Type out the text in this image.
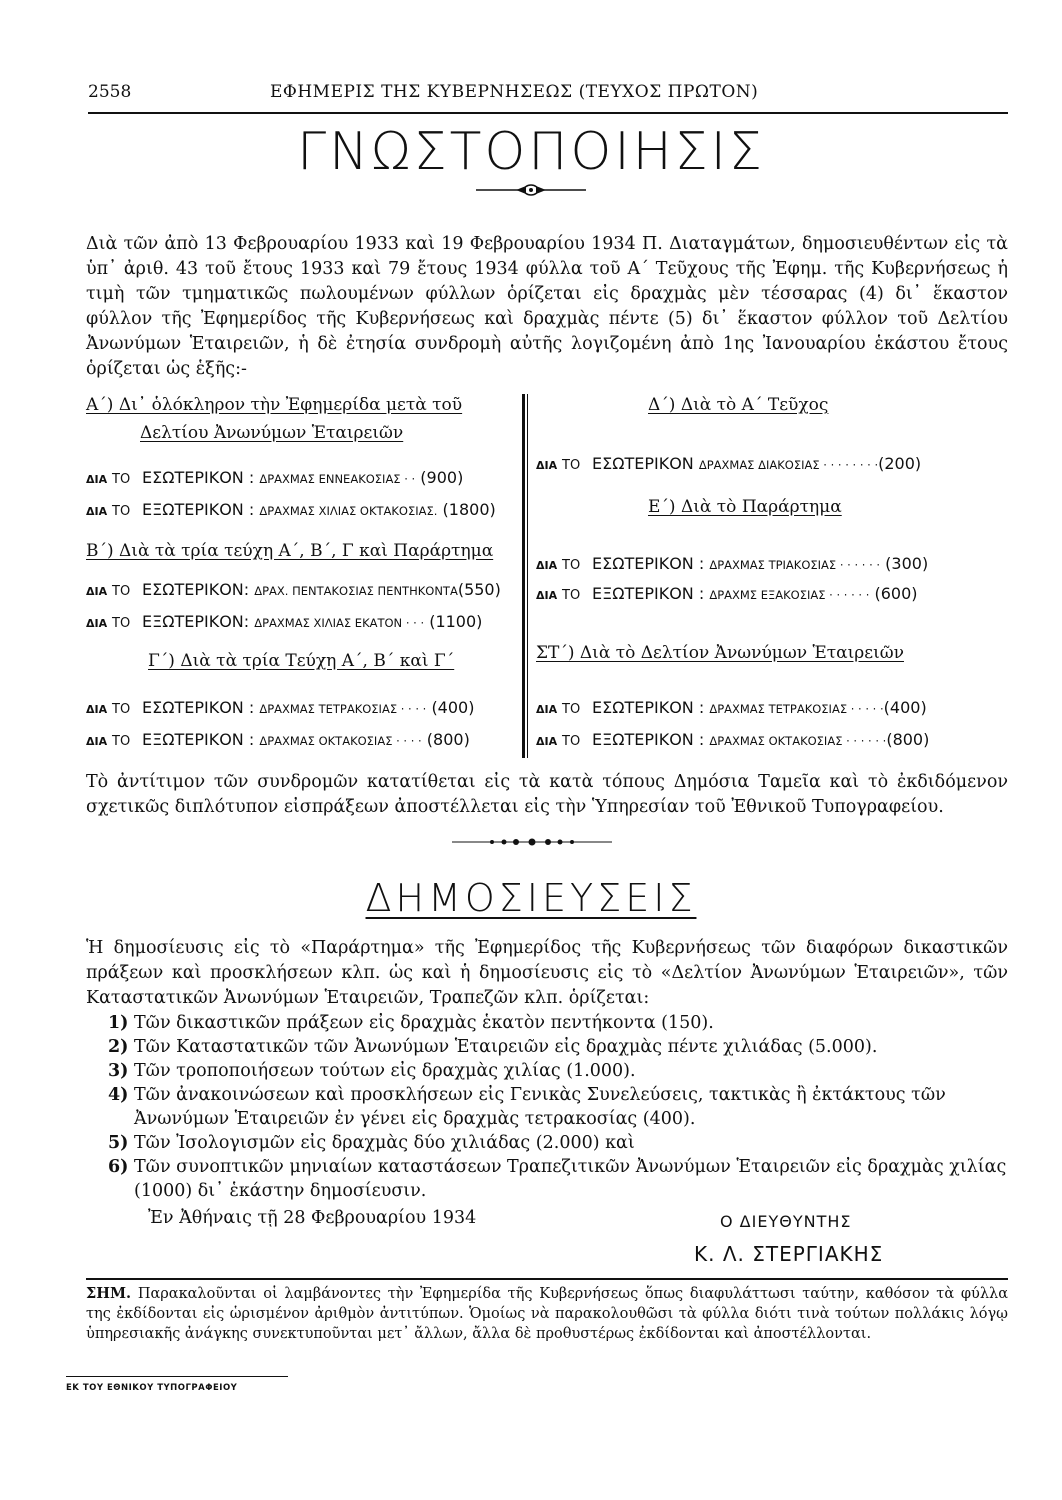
2558	ΕΦΗΜΕΡΙΣ ΤΗΣ ΚΥΒΕΡΝΗΣΕΩΣ (ΤΕΥΧΟΣ ΠΡΩΤΟΝ)
ΓΝΩΣΤΟΠΟΙΗΣΙΣ

Διὰ τῶν ἀπὸ 13 Φεβρουαρίου 1933 καὶ 19 Φεβρουαρίου 1934 Π. Διαταγμάτων, δημοσιευθέντων εἰς τὰ ὑπ᾽ ἀριθ. 43 τοῦ ἔτους 1933 καὶ 79 ἔτους 1934 φύλλα τοῦ Α΄ Τεῦχους τῆς Ἐφημ. τῆς Κυβερνήσεως ἡ τιμὴ τῶν τμηματικῶς πωλουμένων φύλλων ὁρίζεται εἰς δραχμὰς μὲν τέσσαρας (4) δι᾽ ἕκαστον φύλλον τῆς Ἐφημερίδος τῆς Κυβερνήσεως καὶ δραχμὰς πέντε (5) δι᾽ ἕκαστον φύλλον τοῦ Δελτίου Ἀνωνύμων Ἑταιρειῶν, ἡ δὲ ἐτησία συνδρομὴ αὐτῆς λογιζομένη ἀπὸ 1ης Ἰανουαρίου ἑκάστου ἔτους ὁρίζεται ὡς ἑξῆς:-

Α΄) Δι᾽ ὁλόκληρον τὴν Ἐφημερίδα μετὰ τοῦ
Δελτίου Ἀνωνύμων Ἑταιρειῶν
ΔΙΑ ΤΟ ΕΣΩΤΕΡΙΚΟΝ :
ΔΡΑΧΜΑΣ ΕΝΝΕΑΚΟΣΙΑΣ · ·
(900)
ΔΙΑ ΤΟ ΕΞΩΤΕΡΙΚΟΝ :
ΔΡΑΧΜΑΣ ΧΙΛΙΑΣ ΟΚΤΑΚΟΣΙΑΣ.
(1800)
Β΄) Διὰ τὰ τρία τεύχη Α΄, Β΄, Γ καὶ Παράρτημα
ΔΙΑ ΤΟ ΕΣΩΤΕΡΙΚΟΝ:
ΔΡΑΧ. ΠΕΝΤΑΚΟΣΙΑΣ ΠΕΝΤΗΚΟΝΤΑ (550)
ΔΙΑ ΤΟ ΕΞΩΤΕΡΙΚΟΝ:
ΔΡΑΧΜΑΣ ΧΙΛΙΑΣ ΕΚΑΤΟΝ · · ·
(1100)
Γ΄) Διὰ τὰ τρία Τεύχη Α΄, Β΄ καὶ Γ΄
ΔΙΑ ΤΟ ΕΣΩΤΕΡΙΚΟΝ :
ΔΡΑΧΜΑΣ ΤΕΤΡΑΚΟΣΙΑΣ · · · ·
(400)
ΔΙΑ ΤΟ ΕΞΩΤΕΡΙΚΟΝ :
ΔΡΑΧΜΑΣ ΟΚΤΑΚΟΣΙΑΣ · · · ·
(800)
Δ΄) Διὰ τὸ Α΄ Τεῦχος
ΔΙΑ ΤΟ ΕΣΩΤΕΡΙΚΟΝ
ΔΡΑΧΜΑΣ ΔΙΑΚΟΣΙΑΣ · · · · · · · · (200)
Ε΄) Διὰ τὸ Παράρτημα
ΔΙΑ ΤΟ ΕΣΩΤΕΡΙΚΟΝ :
ΔΡΑΧΜΑΣ ΤΡΙΑΚΟΣΙΑΣ · · · · · ·
(300)
ΔΙΑ ΤΟ ΕΞΩΤΕΡΙΚΟΝ :
ΔΡΑΧΜΣ ΕΞΑΚΟΣΙΑΣ · · · · · ·
(600)
ΣΤ΄) Διὰ τὸ Δελτίον Ἀνωνύμων Ἑταιρειῶν
ΔΙΑ ΤΟ ΕΣΩΤΕΡΙΚΟΝ :
ΔΡΑΧΜΑΣ ΤΕΤΡΑΚΟΣΙΑΣ · · · · · (400)
ΔΙΑ ΤΟ ΕΞΩΤΕΡΙΚΟΝ :
ΔΡΑΧΜΑΣ ΟΚΤΑΚΟΣΙΑΣ · · · · · · (800)

Τὸ ἀντίτιμον τῶν συνδρομῶν κατατίθεται εἰς τὰ κατὰ τόπους Δημόσια Ταμεῖα καὶ τὸ ἐκδιδόμενον σχετικῶς διπλότυπον εἰσπράξεων ἀποστέλλεται εἰς τὴν Ὑπηρεσίαν τοῦ Ἐθνικοῦ Τυπογραφείου.

ΔΗΜΟΣΙΕΥΣΕΙΣ

Ἡ δημοσίευσις εἰς τὸ «Παράρτημα» τῆς Ἐφημερίδος τῆς Κυβερνήσεως τῶν διαφόρων δικαστικῶν πράξεων καὶ προσκλήσεων κλπ. ὡς καὶ ἡ δημοσίευσις εἰς τὸ «Δελτίον Ἀνωνύμων Ἑταιρειῶν», τῶν Καταστατικῶν Ἀνωνύμων Ἑταιρειῶν, Τραπεζῶν κλπ. ὁρίζεται:

1) Τῶν δικαστικῶν πράξεων εἰς δραχμὰς ἑκατὸν πεντήκοντα (150).
2) Τῶν Καταστατικῶν τῶν Ἀνωνύμων Ἑταιρειῶν εἰς δραχμὰς πέντε χιλιάδας (5.000).
3) Τῶν τροποποιήσεων τούτων εἰς δραχμὰς χιλίας (1.000).
4) Τῶν ἀνακοινώσεων καὶ προσκλήσεων εἰς Γενικὰς Συνελεύσεις, τακτικὰς ἢ ἐκτάκτους τῶν Ἀνωνύμων Ἑταιρειῶν ἐν γένει εἰς δραχμὰς τετρακοσίας (400).
5) Τῶν Ἰσολογισμῶν εἰς δραχμὰς δύο χιλιάδας (2.000) καὶ
6) Τῶν συνοπτικῶν μηνιαίων καταστάσεων Τραπεζιτικῶν Ἀνωνύμων Ἑταιρειῶν εἰς δραχμὰς χιλίας (1000) δι᾽ ἑκάστην δημοσίευσιν.
Ἐν Ἀθήναις τῇ 28 Φεβρουαρίου 1934	Ο ΔΙΕΥΘΥΝΤΗΣ
Κ. Λ. ΣΤΕΡΓΙΑΚΗΣ

ΣΗΜ. Παρακαλοῦνται οἱ λαμβάνοντες τὴν Ἐφημερίδα τῆς Κυβερνήσεως ὅπως διαφυλάττωσι ταύτην, καθόσον τὰ φύλλα της ἐκδίδονται εἰς ὡρισμένον ἀριθμὸν ἀντιτύπων. Ὁμοίως νὰ παρακολουθῶσι τὰ φύλλα διότι τινὰ τούτων πολλάκις λόγῳ ὑπηρεσιακῆς ἀνάγκης συνεκτυποῦνται μετ᾽ ἄλλων, ἄλλα δὲ προθυστέρως ἐκδίδονται καὶ ἀποστέλλονται.

ΕΚ ΤΟΥ ΕΘΝΙΚΟΥ ΤΥΠΟΓΡΑΦΕΙΟΥ
